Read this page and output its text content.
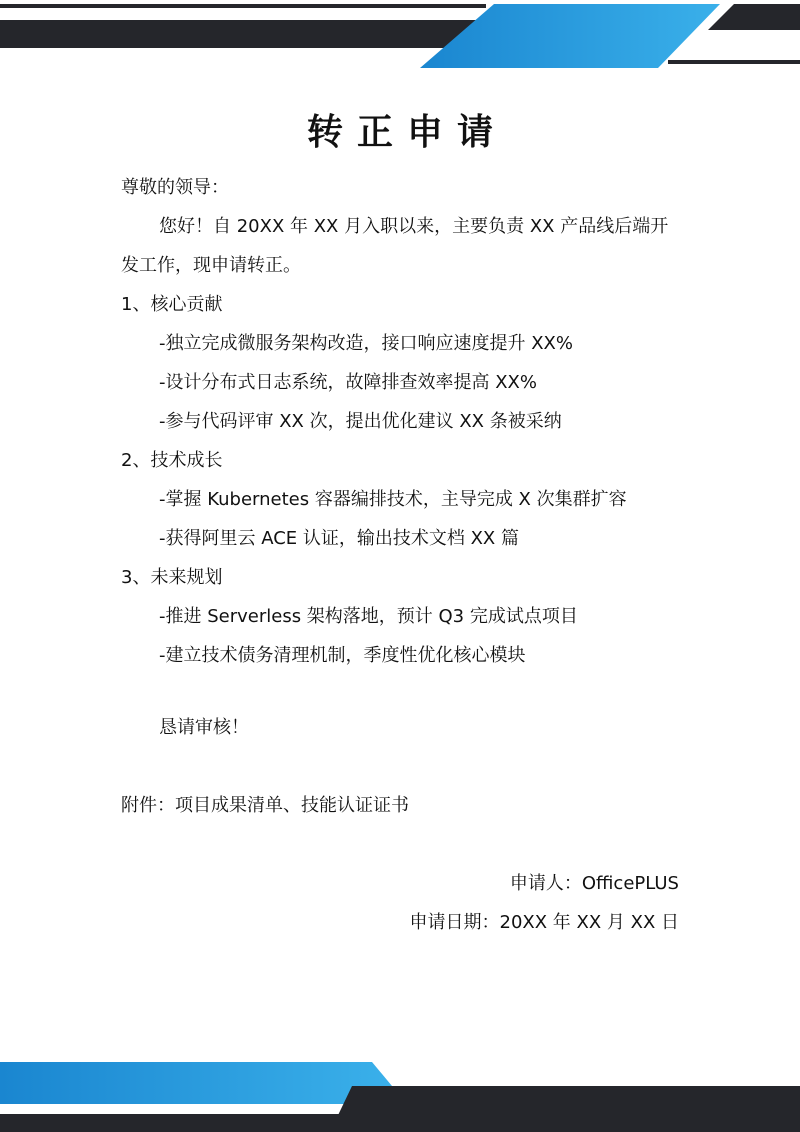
转正申请
尊敬的领导：
您好！自 20XX 年 XX 月入职以来，主要负责 XX 产品线后端开发工作，现申请转正。
1、核心贡献
-独立完成微服务架构改造，接口响应速度提升 XX%
-设计分布式日志系统，故障排查效率提高 XX%
-参与代码评审 XX 次，提出优化建议 XX 条被采纳
2、技术成长
-掌握 Kubernetes 容器编排技术，主导完成 X 次集群扩容
-获得阿里云 ACE 认证，输出技术文档 XX 篇
3、未来规划
-推进 Serverless 架构落地，预计 Q3 完成试点项目
-建立技术债务清理机制，季度性优化核心模块
恳请审核！
附件：项目成果清单、技能认证证书
申请人：OfficePLUS
申请日期：20XX 年 XX 月 XX 日
